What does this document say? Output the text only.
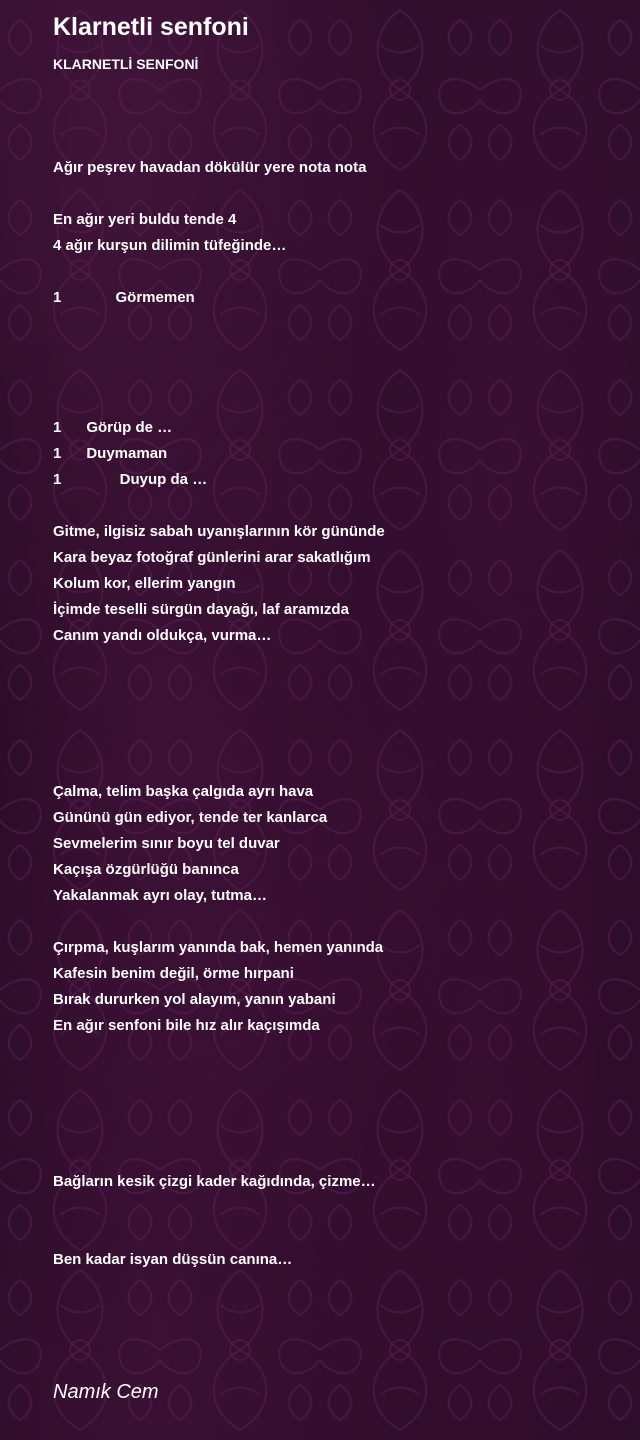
Klarnetli senfoni
KLARNETLİ SENFONİ
Ağır peşrev havadan dökülür yere nota nota
En ağır yeri buldu tende 4
4 ağır kurşun dilimin tüfeğinde…
1             Görmemen
1      Görüp de …
1      Duymaman
1              Duyup da …
Gitme, ilgisiz sabah uyanışlarının kör gününde
Kara beyaz fotoğraf günlerini arar sakatlığım
Kolum kor, ellerim yangın
İçimde teselli sürgün dayağı, laf aramızda
Canım yandı oldukça, vurma…
Çalma, telim başka çalgıda ayrı hava
Gününü gün ediyor, tende ter kanlarca
Sevmelerim sınır boyu tel duvar
Kaçışa özgürlüğü banınca
Yakalanmak ayrı olay, tutma…
Çırpma, kuşlarım yanında bak, hemen yanında
Kafesin benim değil, örme hırpani
Bırak dururken yol alayım, yanın yabani
En ağır senfoni bile hız alır kaçışımda
Bağların kesik çizgi kader kağıdında, çizme…
Ben kadar isyan düşsün canına…

Namık Cem
